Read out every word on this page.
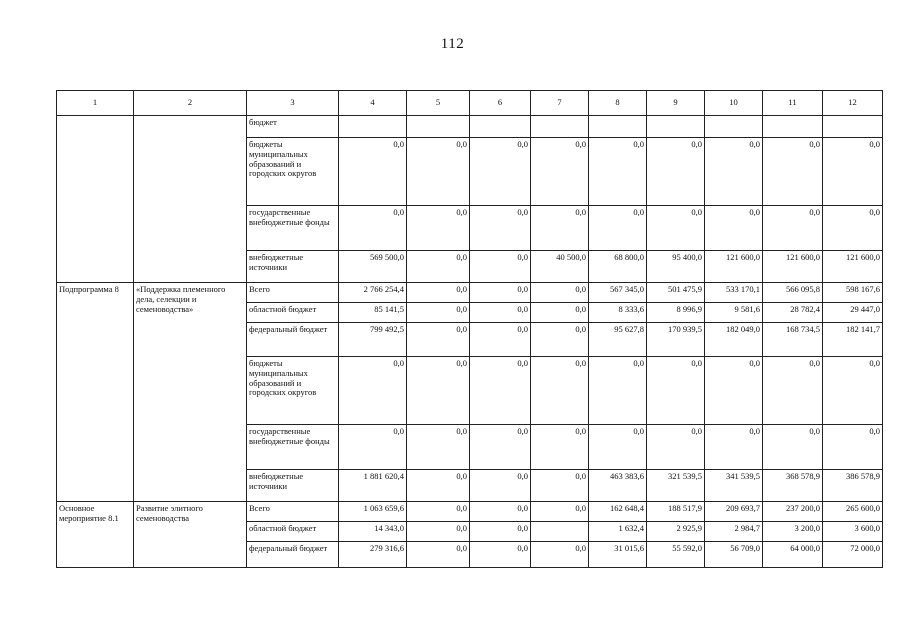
112
1	2	3	4	5	6	7	8	9	10	11	12
		бюджет									
		бюджеты муниципальных образований и городских округов	0,0	0,0	0,0	0,0	0,0	0,0	0,0	0,0	0,0
		государственные внебюджетные фонды	0,0	0,0	0,0	0,0	0,0	0,0	0,0	0,0	0,0
		внебюджетные источники	569 500,0	0,0	0,0	40 500,0	68 800,0	95 400,0	121 600,0	121 600,0	121 600,0
Подпрограмма 8	«Поддержка племенного дела, селекции и семеноводства»	Всего	2 766 254,4	0,0	0,0	0,0	567 345,0	501 475,9	533 170,1	566 095,8	598 167,6
		областной бюджет	85 141,5	0,0	0,0	0,0	8 333,6	8 996,9	9 581,6	28 782,4	29 447,0
		федеральный бюджет	799 492,5	0,0	0,0	0,0	95 627,8	170 939,5	182 049,0	168 734,5	182 141,7
		бюджеты муниципальных образований и городских округов	0,0	0,0	0,0	0,0	0,0	0,0	0,0	0,0	0,0
		государственные внебюджетные фонды	0,0	0,0	0,0	0,0	0,0	0,0	0,0	0,0	0,0
		внебюджетные источники	1 881 620,4	0,0	0,0	0,0	463 383,6	321 539,5	341 539,5	368 578,9	386 578,9
Основное мероприятие 8.1	Развитие элитного семеноводства	Всего	1 063 659,6	0,0	0,0	0,0	162 648,4	188 517,9	209 693,7	237 200,0	265 600,0
		областной бюджет	14 343,0	0,0	0,0		1 632,4	2 925,9	2 984,7	3 200,0	3 600,0
		федеральный бюджет	279 316,6	0,0	0,0	0,0	31 015,6	55 592,0	56 709,0	64 000,0	72 000,0
.
